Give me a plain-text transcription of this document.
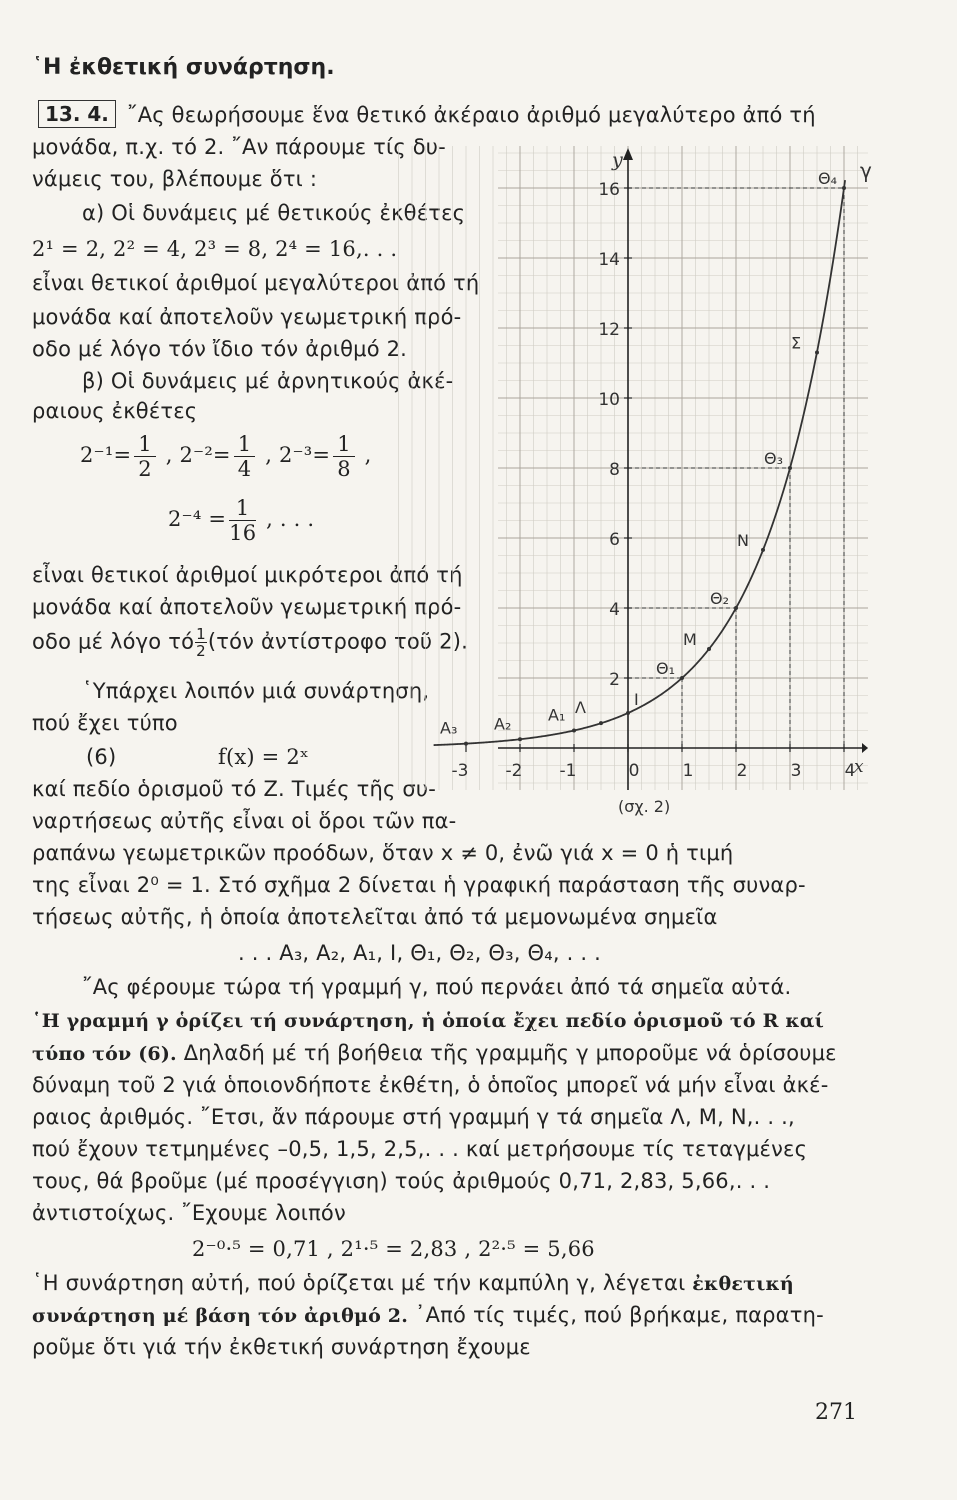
῾Η ἐκθετική συνάρτηση.
13. 4. ῎Ας θεωρήσουμε ἕνα θετικό ἀκέραιο ἀριθμό μεγαλύτερο ἀπό τή
μονάδα, π.χ. τό 2. ῎Αν πάρουμε τίς δυ-
νάμεις του, βλέπουμε ὅτι :
α) Οἱ δυνάμεις μέ θετικούς ἐκθέτες
2¹ = 2, 2² = 4, 2³ = 8, 2⁴ = 16,. . .
εἶναι θετικοί ἀριθμοί μεγαλύτεροι ἀπό τή
μονάδα καί ἀποτελοῦν γεωμετρική πρό-
οδο μέ λόγο τόν ἴδιο τόν ἀριθμό 2.
β) Οἱ δυνάμεις μέ ἀρνητικούς ἀκέ-
ραιους ἐκθέτες
$2^{-1}= \frac{1}{2}$ , $2^{-2}= \frac{1}{4}$ , $2^{-3}= \frac{1}{8}$ ,
$2^{-4} = \frac{1}{16}$ , . . .
εἶναι θετικοί ἀριθμοί μικρότεροι ἀπό τή
μονάδα καί ἀποτελοῦν γεωμετρική πρό-
οδο μέ λόγο τό $\frac{1}{2} (\tau ό\nu$ ἀντίστροφο τοῦ 2).
῾Υπάρχει λοιπόν μιά συνάρτηση,
πού ἔχει τύπο
(6)	f(x) = 2ˣ
καί πεδίο ὁρισμοῦ τό Ζ. Τιμές τῆς συ-
ναρτήσεως αὐτῆς εἶναι οἱ ὅροι τῶν πα-
ραπάνω γεωμετρικῶν προόδων, ὅταν x ≠ 0, ἐνῶ γιά x = 0 ἡ τιμή
της εἶναι 2⁰ = 1. Στό σχῆμα 2 δίνεται ἡ γραφική παράσταση τῆς συναρ-
τήσεως αὐτῆς, ἡ ὁποία ἀποτελεῖται ἀπό τά μεμονωμένα σημεῖα
. . . A₃, A₂, A₁, I, Θ₁, Θ₂, Θ₃, Θ₄, . . .
῎Ας φέρουμε τώρα τή γραμμή γ, πού περνάει ἀπό τά σημεῖα αὐτά.
῾Η γραμμή γ ὁρίζει τή συνάρτηση, ἡ ὁποία ἔχει πεδίο ὁρισμοῦ τό R καί
τύπο τόν (6). Δηλαδή μέ τή βοήθεια τῆς γραμμῆς γ μποροῦμε νά ὁρίσουμε
δύναμη τοῦ 2 γιά ὁποιονδήποτε ἐκθέτη, ὁ ὁποῖος μπορεῖ νά μήν εἶναι ἀκέ-
ραιος ἀριθμός. ῎Ετσι, ἄν πάρουμε στή γραμμή γ τά σημεῖα Λ, Μ, Ν,. . .,
πού ἔχουν τετμημένες –0,5, 1,5, 2,5,. . . καί μετρήσουμε τίς τεταγμένες
τους, θά βροῦμε (μέ προσέγγιση) τούς ἀριθμούς 0,71, 2,83, 5,66,. . .
ἀντιστοίχως. ῎Εχουμε λοιπόν
2⁻⁰·⁵ = 0,71 , 2¹·⁵ = 2,83 , 2²·⁵ = 5,66
῾Η συνάρτηση αὐτή, πού ὁρίζεται μέ τήν καμπύλη γ, λέγεται ἐκθετική
συνάρτηση μέ βάση τόν ἀριθμό 2. ᾿Από τίς τιμές, πού βρήκαμε, παρατη-
ροῦμε ὅτι γιά τήν ἐκθετική συνάρτηση ἔχουμε
271
-3 -2 -1	0	1	2	3	4
2
4
6
8
10
12
14
16
A₃ A₂ A₁ Λ	I
Θ₁
M
Θ₂
N
Θ₃
Σ
Θ₄
x
y	γ
(σχ. 2)
